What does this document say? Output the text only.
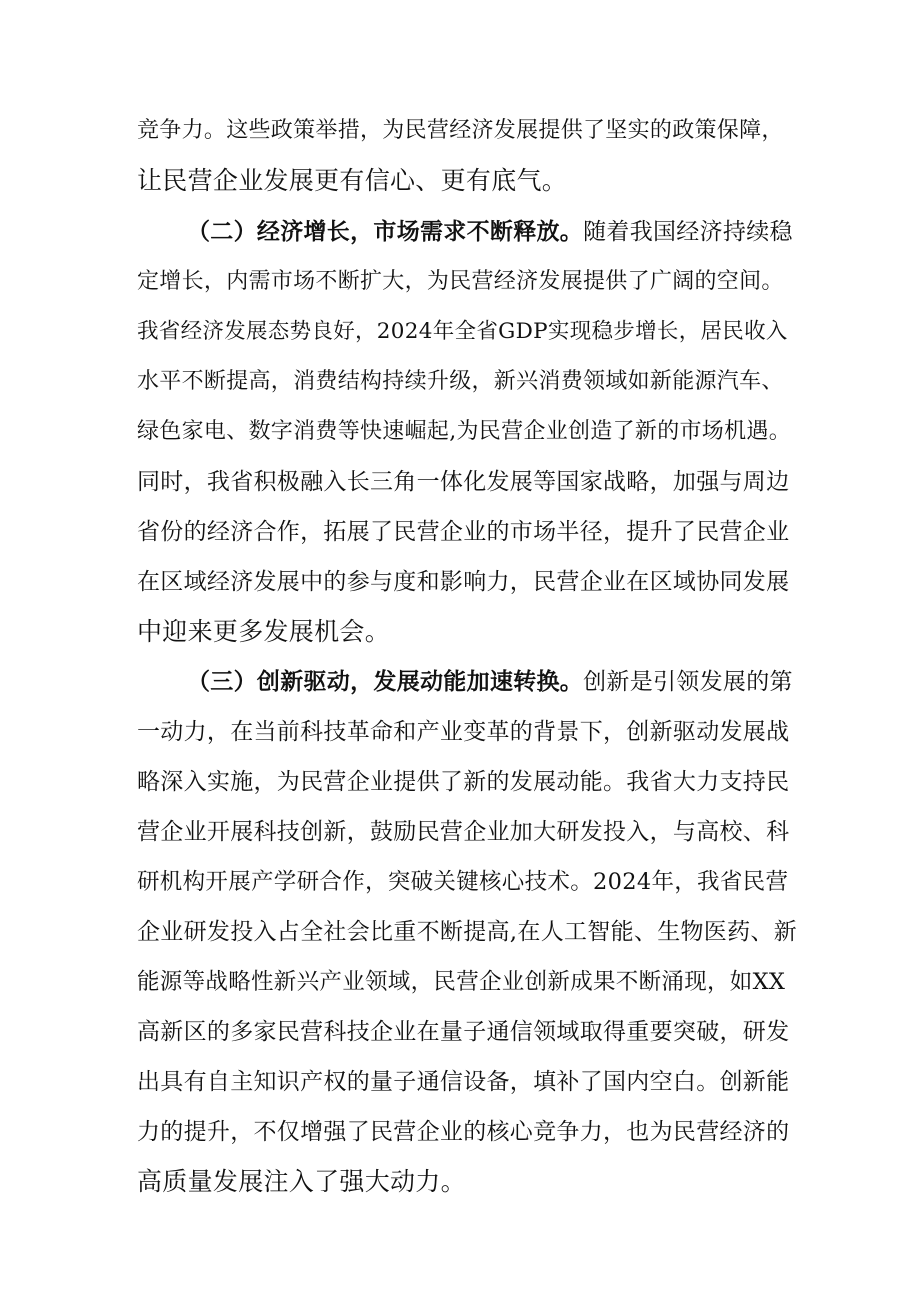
竞争力。这些政策举措，为民营经济发展提供了坚实的政策保障，
让民营企业发展更有信心、更有底气。
（二）经济增长，市场需求不断释放。随着我国经济持续稳
定增长，内需市场不断扩大，为民营经济发展提供了广阔的空间。
我省经济发展态势良好，2024年全省GDP实现稳步增长，居民收入
水平不断提高，消费结构持续升级，新兴消费领域如新能源汽车、
绿色家电、数字消费等快速崛起,为民营企业创造了新的市场机遇。
同时，我省积极融入长三角一体化发展等国家战略，加强与周边
省份的经济合作，拓展了民营企业的市场半径，提升了民营企业
在区域经济发展中的参与度和影响力，民营企业在区域协同发展
中迎来更多发展机会。
（三）创新驱动，发展动能加速转换。创新是引领发展的第
一动力，在当前科技革命和产业变革的背景下，创新驱动发展战
略深入实施，为民营企业提供了新的发展动能。我省大力支持民
营企业开展科技创新，鼓励民营企业加大研发投入，与高校、科
研机构开展产学研合作，突破关键核心技术。2024年，我省民营
企业研发投入占全社会比重不断提高,在人工智能、生物医药、新
能源等战略性新兴产业领域，民营企业创新成果不断涌现，如XX
高新区的多家民营科技企业在量子通信领域取得重要突破，研发
出具有自主知识产权的量子通信设备，填补了国内空白。创新能
力的提升，不仅增强了民营企业的核心竞争力，也为民营经济的
高质量发展注入了强大动力。
